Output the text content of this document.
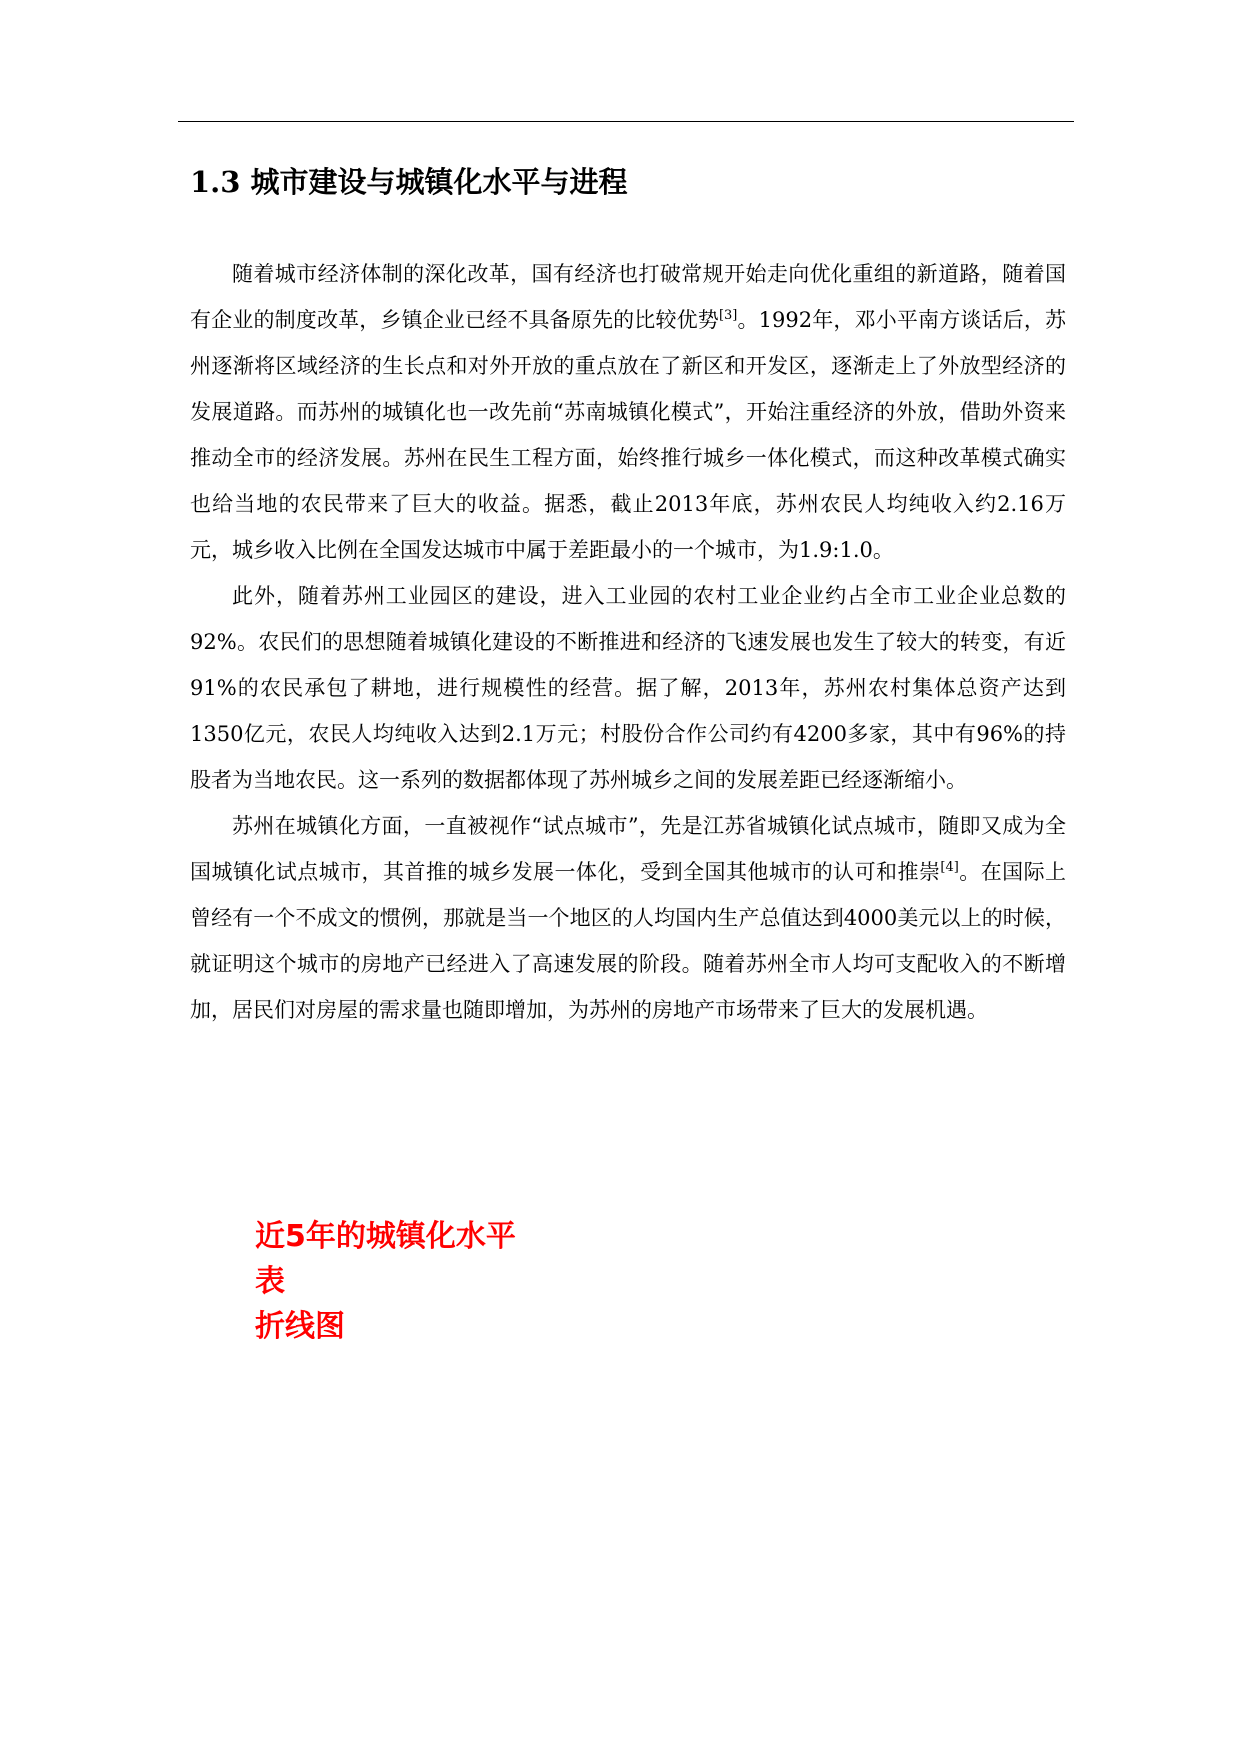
1.3 城市建设与城镇化水平与进程

随着城市经济体制的深化改革，国有经济也打破常规开始走向优化重组的新道路，随着国有企业的制度改革，乡镇企业已经不具备原先的比较优势[3]。1992年，邓小平南方谈话后，苏州逐渐将区域经济的生长点和对外开放的重点放在了新区和开发区，逐渐走上了外放型经济的发展道路。而苏州的城镇化也一改先前“苏南城镇化模式”，开始注重经济的外放，借助外资来推动全市的经济发展。苏州在民生工程方面，始终推行城乡一体化模式，而这种改革模式确实也给当地的农民带来了巨大的收益。据悉，截止2013年底，苏州农民人均纯收入约2.16万元，城乡收入比例在全国发达城市中属于差距最小的一个城市，为1.9:1.0。

此外，随着苏州工业园区的建设，进入工业园的农村工业企业约占全市工业企业总数的92%。农民们的思想随着城镇化建设的不断推进和经济的飞速发展也发生了较大的转变，有近91%的农民承包了耕地，进行规模性的经营。据了解，2013年，苏州农村集体总资产达到1350亿元，农民人均纯收入达到2.1万元；村股份合作公司约有4200多家，其中有96%的持股者为当地农民。这一系列的数据都体现了苏州城乡之间的发展差距已经逐渐缩小。

苏州在城镇化方面，一直被视作“试点城市”，先是江苏省城镇化试点城市，随即又成为全国城镇化试点城市，其首推的城乡发展一体化，受到全国其他城市的认可和推崇[4]。在国际上曾经有一个不成文的惯例，那就是当一个地区的人均国内生产总值达到4000美元以上的时候，就证明这个城市的房地产已经进入了高速发展的阶段。随着苏州全市人均可支配收入的不断增加，居民们对房屋的需求量也随即增加，为苏州的房地产市场带来了巨大的发展机遇。

近5年的城镇化水平
表
折线图
